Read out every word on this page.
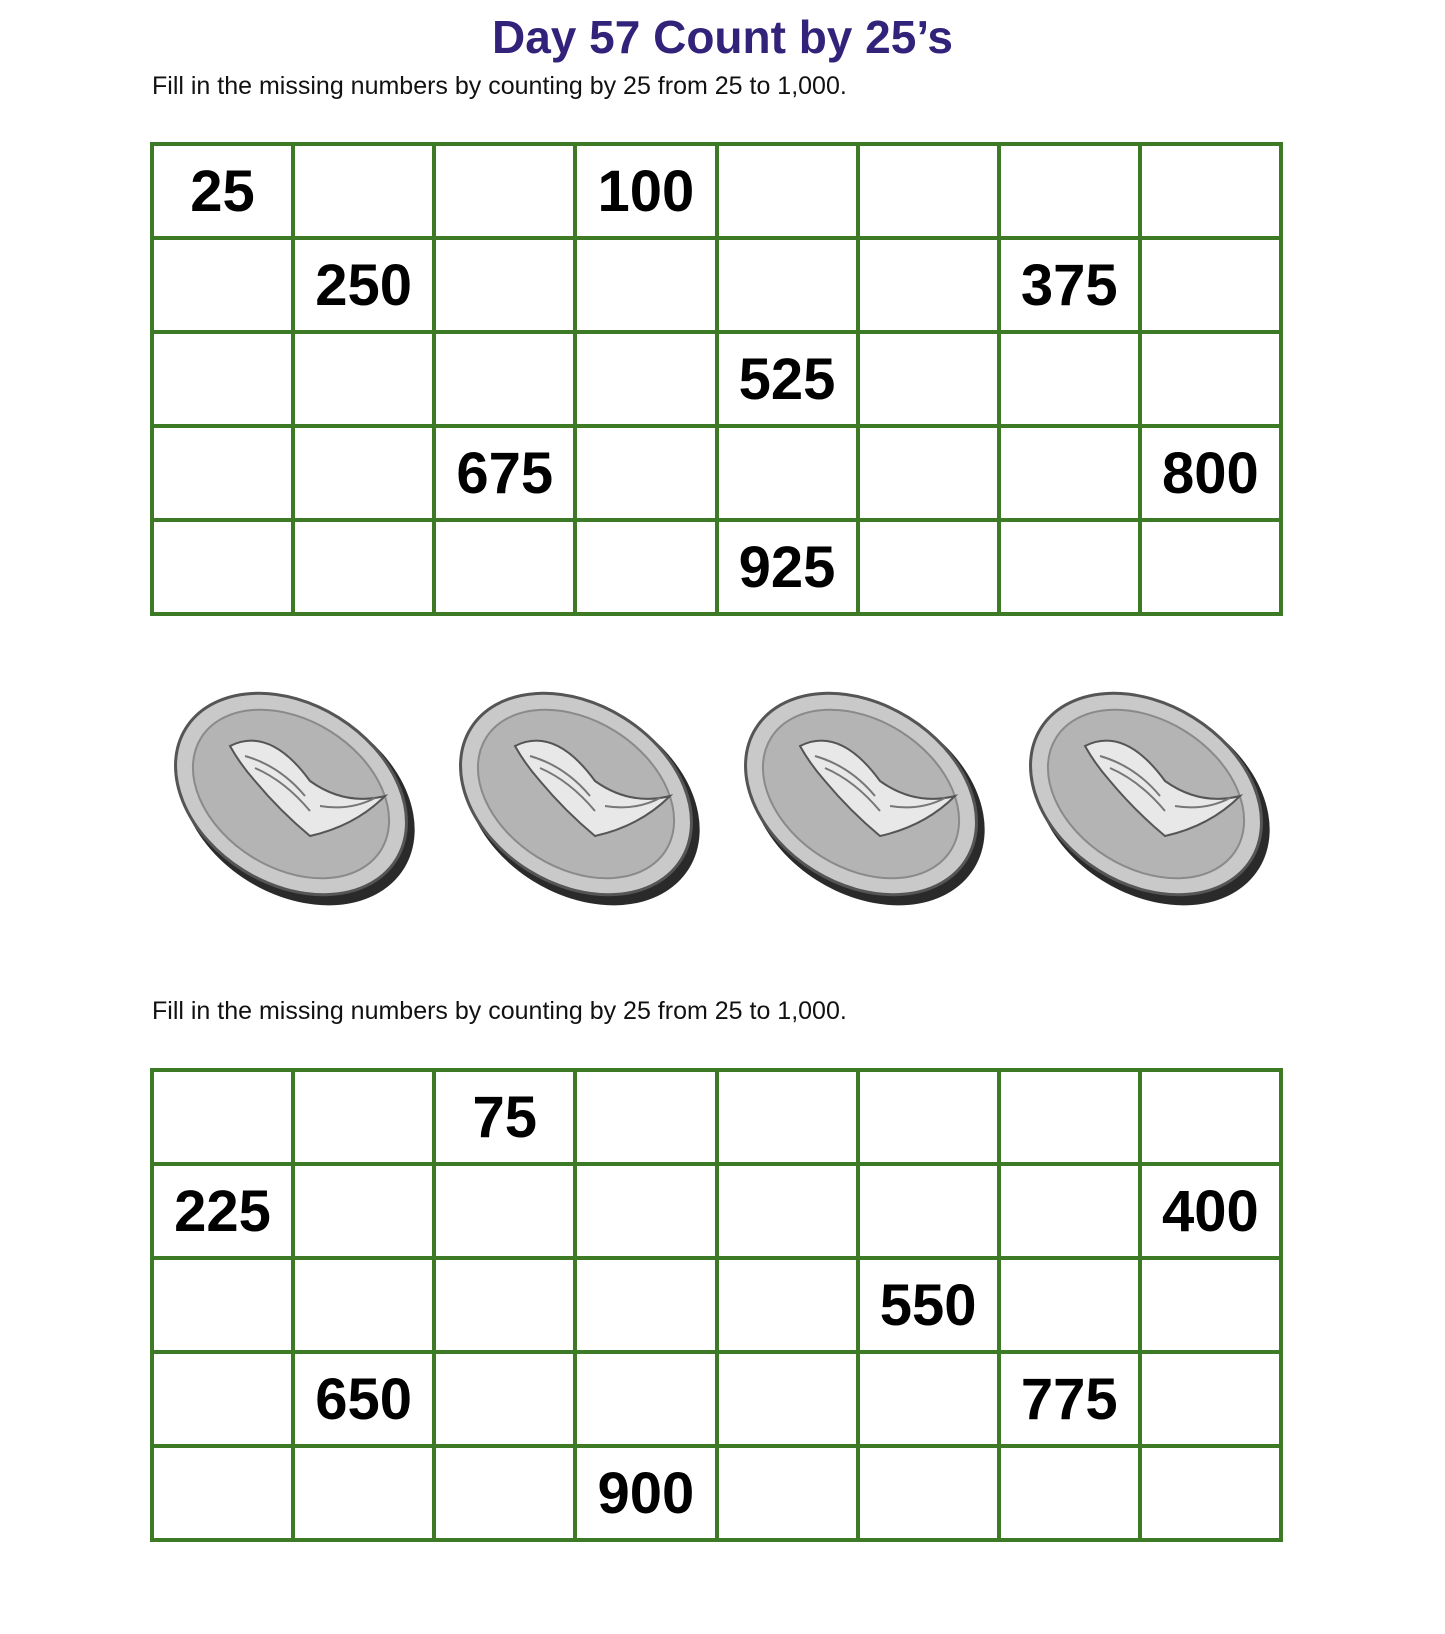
Day 57 Count by 25’s
Fill in the missing numbers by counting by 25 from 25 to 1,000.
25			100				
	250					375	
				525			
		675					800
				925			
Fill in the missing numbers by counting by 25 from 25 to 1,000.
		75					
225							400
					550		
	650					775	
			900				
